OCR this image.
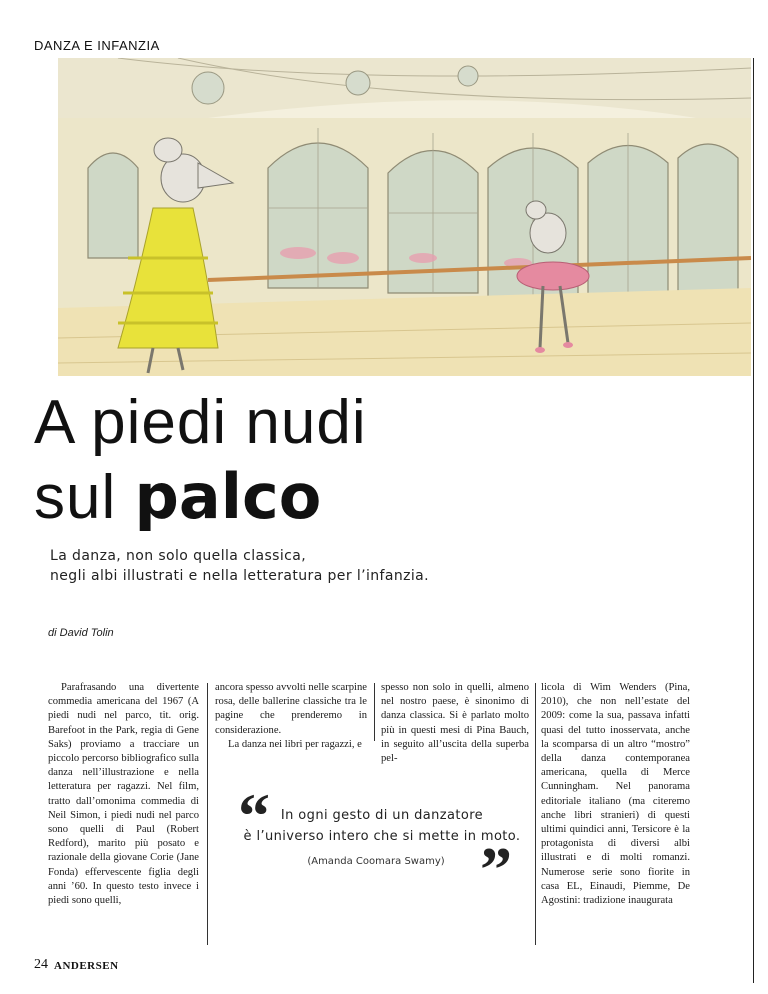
DANZA E INFANZIA
A piedi nudi
sul palco
La danza, non solo quella classica,
negli albi illustrati e nella letteratura per l’infanzia.
di David Tolin

Parafrasando una divertente commedia americana del 1967 (A piedi nudi nel parco, tit. orig. Barefoot in the Park, regia di Gene Saks) proviamo a tracciare un piccolo percorso bibliografico sulla danza nell’illustrazione e nella letteratura per ragazzi. Nel film, tratto dall’omonima commedia di Neil Simon, i piedi nudi nel parco sono quelli di Paul (Robert Redford), marito più posato e razionale della giovane Corie (Jane Fonda) effervescente figlia degli anni ’60. In questo testo invece i piedi sono quelli,

ancora spesso avvolti nelle scarpine rosa, delle ballerine classiche tra le pagine che prenderemo in considerazione.

La danza nei libri per ragazzi, e

spesso non solo in quelli, almeno nel nostro paese, è sinonimo di danza classica. Si è parlato molto più in questi mesi di Pina Bauch, in seguito all’uscita della superba pel-

licola di Wim Wenders (Pina, 2010), che non nell’estate del 2009: come la sua, passava infatti quasi del tutto inosservata, anche la scomparsa di un altro “mostro” della danza contemporanea americana, quella di Merce Cunningham. Nel panorama editoriale italiano (ma citeremo anche libri stranieri) di questi ultimi quindici anni, Tersicore è la protagonista di diversi albi illustrati e di molti romanzi. Numerose serie sono fiorite in casa EL, Einaudi, Piemme, De Agostini: tradizione inaugurata

“ In ogni gesto di un danzatore
è l’universo intero che si mette in moto.
(Amanda Coomara Swamy) ”
24 ANDERSEN
